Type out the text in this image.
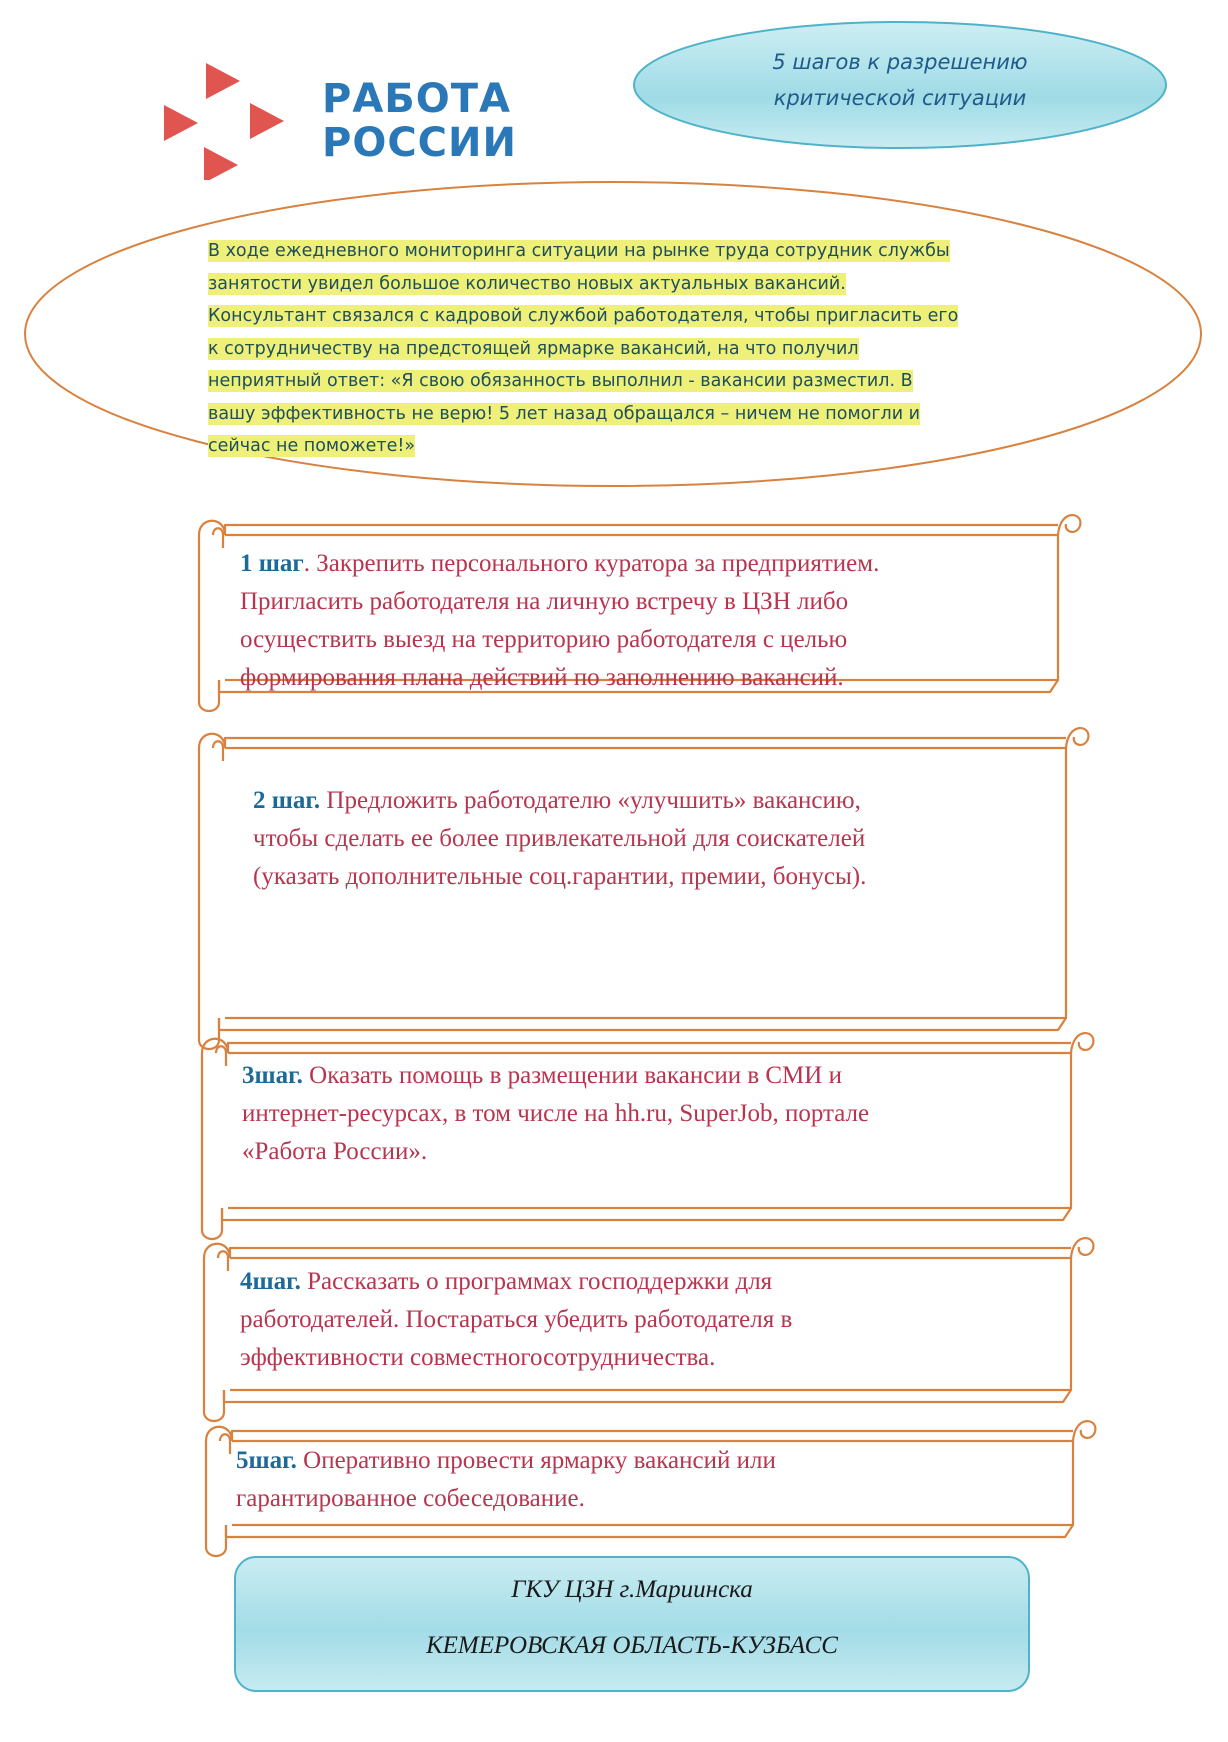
РАБОТА
РОССИИ
5 шагов к разрешению
критической ситуации
В ходе ежедневного мониторинга ситуации на рынке труда сотрудник службы
занятости увидел большое количество новых актуальных вакансий.
Консультант связался с кадровой службой работодателя, чтобы пригласить его
к сотрудничеству на предстоящей ярмарке вакансий, на что получил
неприятный ответ: «Я свою обязанность выполнил - вакансии разместил. В
вашу эффективность не верю! 5 лет назад обращался – ничем не помогли и
сейчас не поможете!»
1 шаг. Закрепить персонального куратора за предприятием.
Пригласить работодателя на личную встречу в ЦЗН либо
осуществить выезд на территорию работодателя с целью
формирования плана действий по заполнению вакансий.
2 шаг. Предложить работодателю «улучшить» вакансию,
чтобы сделать ее более привлекательной для соискателей
(указать дополнительные соц.гарантии, премии, бонусы).
3шаг. Оказать помощь в размещении вакансии в СМИ и
интернет-ресурсах, в том числе на hh.ru, SuperJob, портале
«Работа России».
4шаг. Рассказать о программах господдержки для
работодателей. Постараться убедить работодателя в
эффективности совместногосотрудничества.
5шаг. Оперативно провести ярмарку вакансий или
гарантированное собеседование.
ГКУ ЦЗН г.Мариинска
КЕМЕРОВСКАЯ ОБЛАСТЬ-КУЗБАСС
